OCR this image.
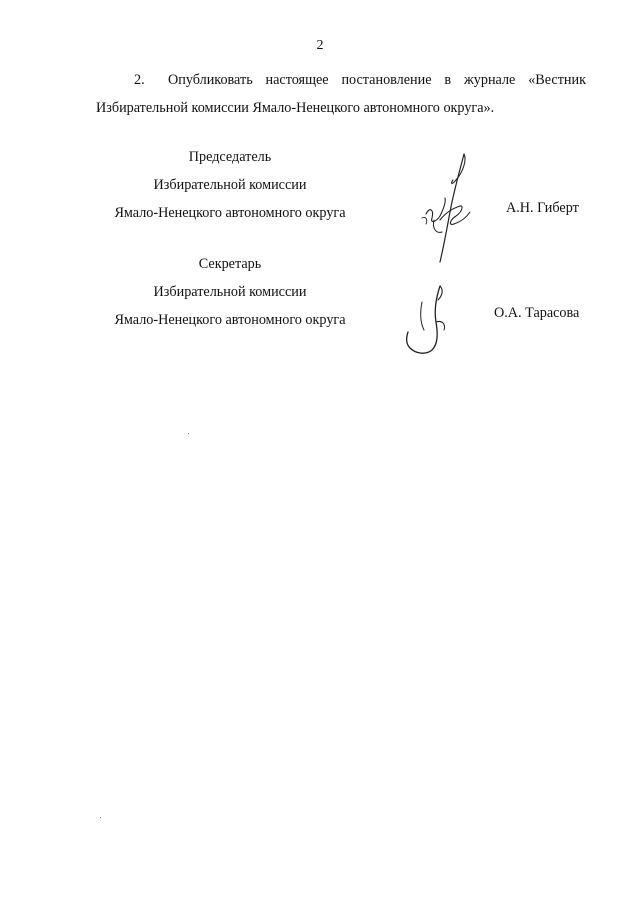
2
2. Опубликовать настоящее постановление в журнале «Вестник Избирательной комиссии Ямало-Ненецкого автономного округа».
Председатель
Избирательной комиссии
Ямало-Ненецкого автономного округа	А.Н. Гиберт
Секретарь
Избирательной комиссии
Ямало-Ненецкого автономного округа	О.А. Тарасова
